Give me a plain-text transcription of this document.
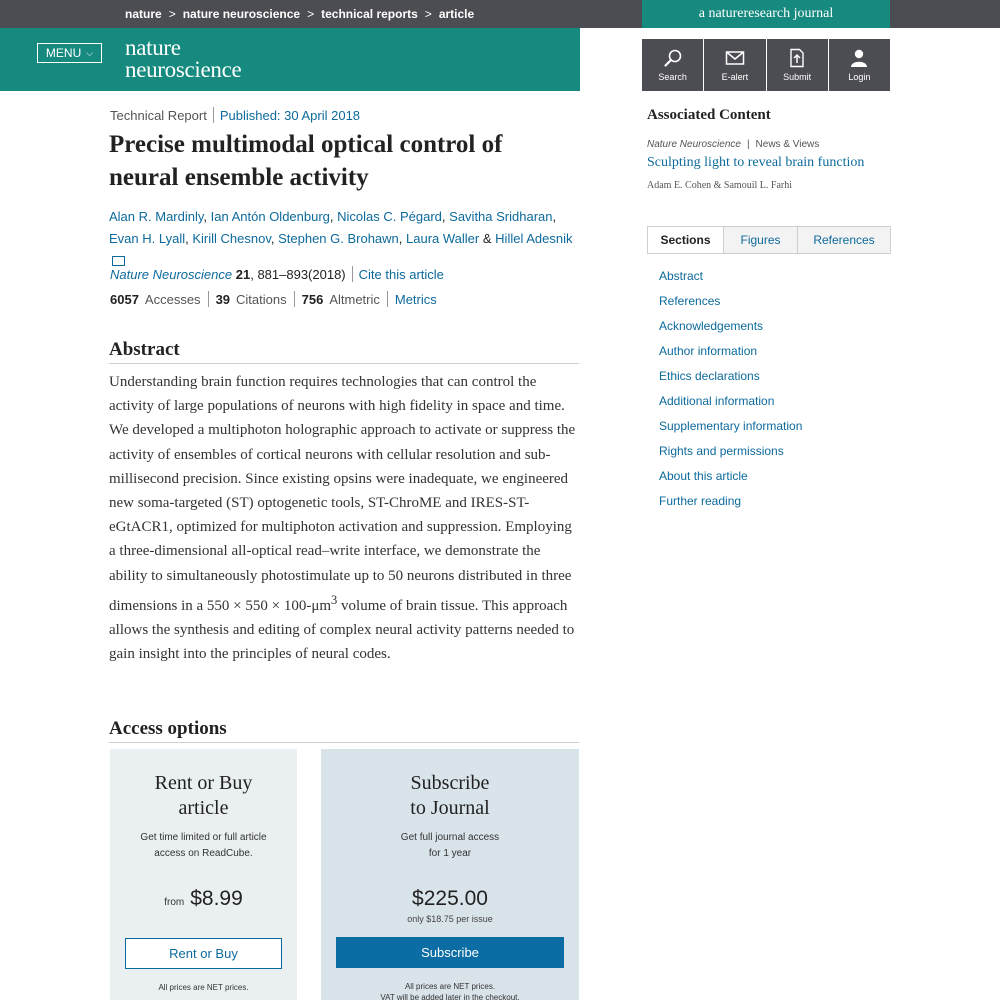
nature > nature neuroscience > technical reports > article	a natureresearch journal
MENU ⌵ nature
neuroscience	Search	E-alert	Submit	Login
Technical Report Published: 30 April 2018
Precise multimodal optical control of neural ensemble activity
Alan R. Mardinly, Ian Antón Oldenburg, Nicolas C. Pégard, Savitha Sridharan, Evan H. Lyall, Kirill Chesnov, Stephen G. Brohawn, Laura Waller & Hillel Adesnik
Nature Neuroscience
21 , 881–893(2018) Cite this article
6057 Accesses 39 Citations 756 Altmetric Metrics
Abstract

Understanding brain function requires technologies that can control the activity of large populations of neurons with high fidelity in space and time. We developed a multiphoton holographic approach to activate or suppress the activity of ensembles of cortical neurons with cellular resolution and sub-millisecond precision. Since existing opsins were inadequate, we engineered new soma-targeted (ST) optogenetic tools, ST-ChroME and IRES-ST-eGtACR1, optimized for multiphoton activation and suppression. Employing a three-dimensional all-optical read–write interface, we demonstrate the ability to simultaneously photostimulate up to 50 neurons distributed in three dimensions in a $550 \times 550 \times 100-\mu m^3$ volume of brain tissue. This approach allows the synthesis and editing of complex neural activity patterns needed to gain insight into the principles of neural codes.

Access options
Rent or Buy article
Get time limited or full article access on ReadCube.
from $8.99
Rent or Buy
All prices are NET prices.
Subscribe
to Journal
Get full journal access
for 1 year
$225.00
only $18.75 per issue
Subscribe
All prices are NET prices.
VAT will be added later in the checkout.
Associated Content
Nature Neuroscience | News & Views
Sculpting light to reveal brain function
Adam E. Cohen & Samouil L. Farhi
Sections	Figures	References
Abstract
References
Acknowledgements
Author information
Ethics declarations
Additional information
Supplementary information
Rights and permissions
About this article
Further reading
